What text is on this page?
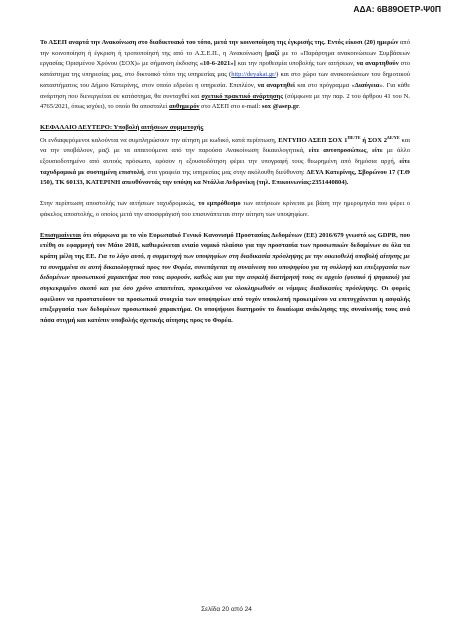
ΑΔΑ: 6Β89ΟΕΤΡ-Ψ0Π

Το ΑΣΕΠ αναρτά την Ανακοίνωση στο διαδικτυακό του τόπο, μετά την κοινοποίηση της έγκρισής της. Εντός είκοσι (20) ημερών από την κοινοποίηση ή έγκριση ή τροποποίησή της από το Α.Σ.Ε.Π., η Ανακοίνωση [μαζί με το «Παράρτημα ανακοινώσεων Συμβάσεων εργασίας Ορισμένου Χρόνου (ΣΟΧ)» με σήμανση έκδοσης «10-6-2021»] και την προθεσμία υποβολής των αιτήσεων, να αναρτηθούν στο κατάστημα της υπηρεσίας μας, στο δικτυακό τόπο της υπηρεσίας μας (http://deyakat.gr/) και στο χώρο των ανακοινώσεων του δημοτικού καταστήματος του Δήμου Κατερίνης, στον οποίο εδρεύει η υπηρεσία. Επιπλέον, να αναρτηθεί και στο πρόγραμμα «Διαύγεια». Για κάθε ανάρτηση που διενεργείται σε κατάστημα, θα συνταχθεί και σχετικό πρακτικό ανάρτησης (σύμφωνα με την παρ. 2 του άρθρου 41 του Ν. 4765/2021, όπως ισχύει), το οποίο θα αποσταλεί αυθημερόν στο ΑΣΕΠ στο e-mail: sox @asep.gr.

ΚΕΦΑΛΑΙΟ ΔΕΥΤΕΡΟ: Υποβολή αιτήσεων συμμετοχής

Οι ενδιαφερόμενοι καλούνται να συμπληρώσουν την αίτηση με κωδικό, κατά περίπτωση, ΕΝΤΥΠΟ ΑΣΕΠ ΣΟΧ $1^{\Pi E/TE}$ ή ΣΟΧ $2^{\Delta E/\Upsilon E}$ και να την υποβάλουν, μαζί με τα απαιτούμενα από την παρούσα Ανακοίνωση δικαιολογητικά, είτε αυτοπροσώπως, είτε με άλλο εξουσιοδοτημένο από αυτούς πρόσωπο, εφόσον η εξουσιοδότηση φέρει την υπογραφή τους θεωρημένη από δημόσια αρχή, είτε ταχυδρομικά με συστημένη επιστολή, στα γραφεία της υπηρεσίας μας στην ακόλουθη διεύθυνση: ΔΕΥΑ Κατερίνης, Σβορώνου 17 (Τ.Θ 150), ΤΚ 60133, ΚΑΤΕΡΙΝΗ απευθύνοντάς την υπόψη κα Ντάλλα Ανδρονίκη (τηλ. Επικοινωνίας:2351440804).

Στην περίπτωση αποστολής των αιτήσεων ταχυδρομικώς, το εμπρόθεσμο των αιτήσεων κρίνεται με βάση την ημερομηνία που φέρει ο φάκελος αποστολής, ο οποίος μετά την αποσφράγισή του επισυνάπτεται στην αίτηση των υποψηφίων.

Επισημαίνεται ότι σύμφωνα με το νέο Ευρωπαϊκό Γενικό Κανονισμό Προστασίας Δεδομένων (ΕΕ) 2016/679 γνωστό ως GDPR, που ετέθη σε εφαρμογή τον Μάιο 2018, καθιερώνεται ενιαίο νομικό πλαίσιο για την προστασία των προσωπικών δεδομένων σε όλα τα κράτη μέλη της ΕΕ. Για το λόγο αυτό, η συμμετοχή των υποψηφίων στη διαδικασία πρόσληψης με την οικειοθελή υποβολή αίτησης με τα συνημμένα σε αυτή δικαιολογητικά προς τον Φορέα, συνεπάγεται τη συναίνεση του υποψηφίου για τη συλλογή και επεξεργασία των δεδομένων προσωπικού χαρακτήρα που τους αφορούν, καθώς και για την ασφαλή διατήρησή τους σε αρχείο (φυσικό ή ψηφιακό) για συγκεκριμένο σκοπό και για όσο χρόνο απαιτείται, προκειμένου να ολοκληρωθούν οι νόμιμες διαδικασίες πρόσληψης. Οι φορείς οφείλουν να προστατεύουν τα προσωπικά στοιχεία των υποψηφίων από τυχόν υποκλοπή προκειμένου να επιτυγχάνεται η ασφαλής επεξεργασία των δεδομένων προσωπικού χαρακτήρα. Οι υποψήφιοι διατηρούν το δικαίωμα ανάκλησης της συναίνεσής τους ανά πάσα στιγμή και κατόπιν υποβολής σχετικής αίτησης προς το Φορέα.

Σελίδα 20 από 24
